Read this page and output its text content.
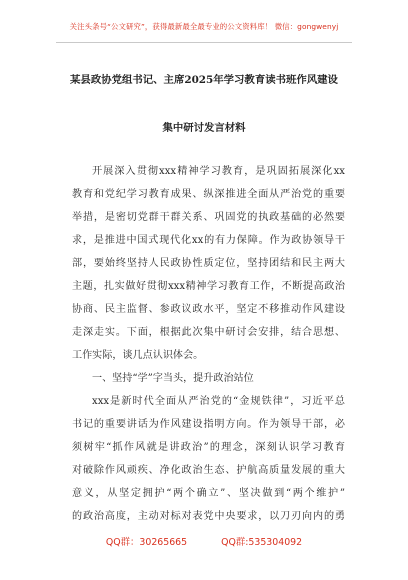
关注头条号“公文研究”，获得最新最全最专业的公文资料库！ 微信：gongwenyj
某县政协党组书记、主席2025年学习教育读书班作风建设
集中研讨发言材料
开展深入贯彻xxx精神学习教育，是巩固拓展深化xx
教育和党纪学习教育成果、纵深推进全面从严治党的重要
举措，是密切党群干群关系、巩固党的执政基础的必然要
求，是推进中国式现代化xx的有力保障。作为政协领导干
部，要始终坚持人民政协性质定位，坚持团结和民主两大
主题，扎实做好贯彻xxx精神学习教育工作，不断提高政治
协商、民主监督、参政议政水平，坚定不移推动作风建设
走深走实。下面，根据此次集中研讨会安排，结合思想、
工作实际，谈几点认识体会。
一、坚持“学”字当头，提升政治站位
xxx是新时代全面从严治党的“金规铁律”，习近平总
书记的重要讲话为作风建设指明方向。作为领导干部，必
须树牢“抓作风就是讲政治”的理念，深刻认识学习教育
对破除作风顽疾、净化政治生态、护航高质量发展的重大
意义，从坚定拥护“两个确立”、坚决做到“两个维护”
的政治高度，主动对标对表党中央要求，以刀刃向内的勇
QQ群：30265665	QQ群:535304092
